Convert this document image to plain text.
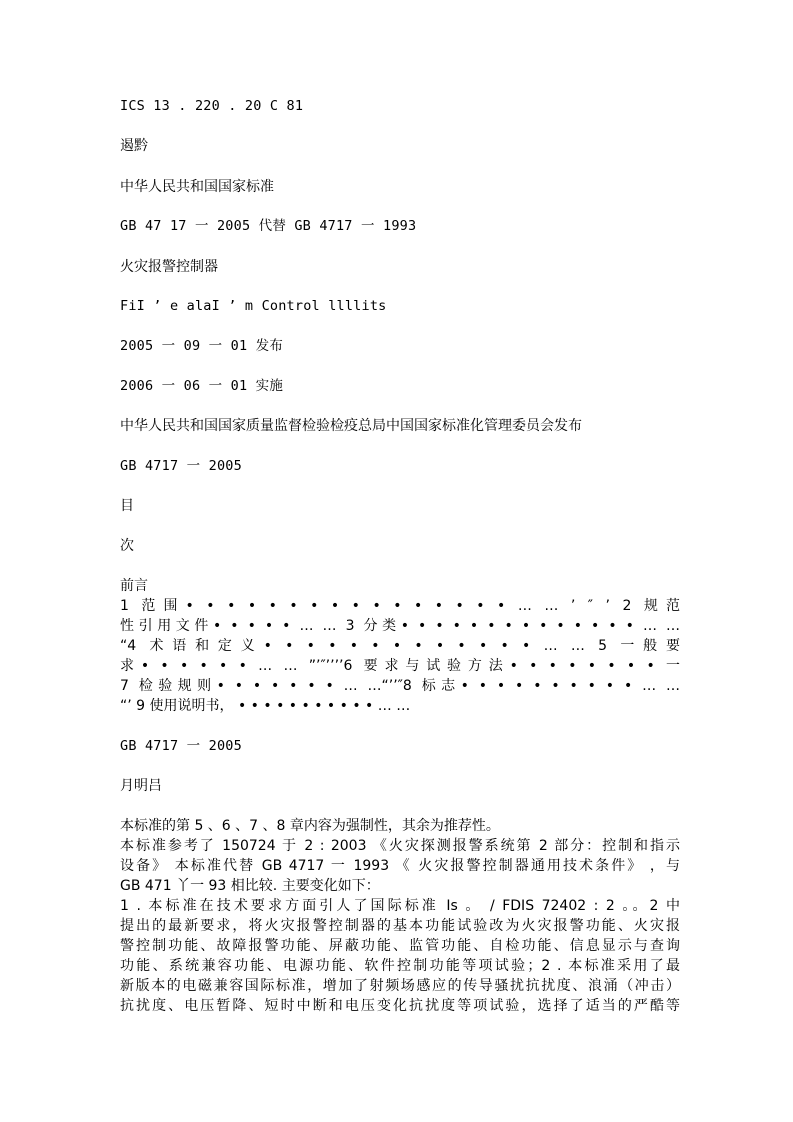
ICS 13 . 220 . 20 C 81

遏黔

中华人民共和国国家标准

GB 47 17 一 2005 代替 GB 4717 一 1993

火灾报警控制器

FiI ’ e alaI ’ m Control llllits

2005 一 09 一 01 发布

2006 一 06 一 01 实施

中华人民共和国国家质量监督检验检疫总局中国国家标准化管理委员会发布

GB 4717 一 2005

目

次

前言

1 范围• • • • • • • • • • • • • • • • … … ’ ″ ’ 2 规范

性引用文件• • • • • … … 3 分类• • • • • • • • • • • • • • … …

“4 术语和定义• • • • • • • • • • • • • … … 5 一般要

求• • • • • • … … ”’″’’’’6 要求与试验方法• • • • • • • • 一

7 检验规则• • • • • • • … …“’’″8 标志• • • • • • • • • • … …

“’ 9 使用说明书， • • • • • • • • • • • … …

GB 4717 一 2005

月明吕

本标准的第 5 、6 、7 、8 章内容为强制性，其余为推荐性。

本标准参考了 150724 于 2 : 2003 《火灾探测报警系统第 2 部分：控制和指示

设备》 本标准代替 GB 4717 一 1993 《 火灾报警控制器通用技术条件》 ，与

GB 471 丫一 93 相比较. 主要变化如下：

1 . 本标准在技术要求方面引人了国际标准 Is 。 / FDIS 72402 : 2 。。2 中

提出的最新要求，将火灾报警控制器的基本功能试验改为火灾报警功能、火灾报

警控制功能、故障报警功能、屏蔽功能、监管功能、自检功能、信息显示与查询

功能、系统兼容功能、电源功能、软件控制功能等项试验；2 . 本标准采用了最

新版本的电磁兼容国际标准，增加了射频场感应的传导骚扰抗扰度、浪涌（冲击）

抗扰度、电压暂降、短时中断和电压变化抗扰度等项试验，选择了适当的严酷等
